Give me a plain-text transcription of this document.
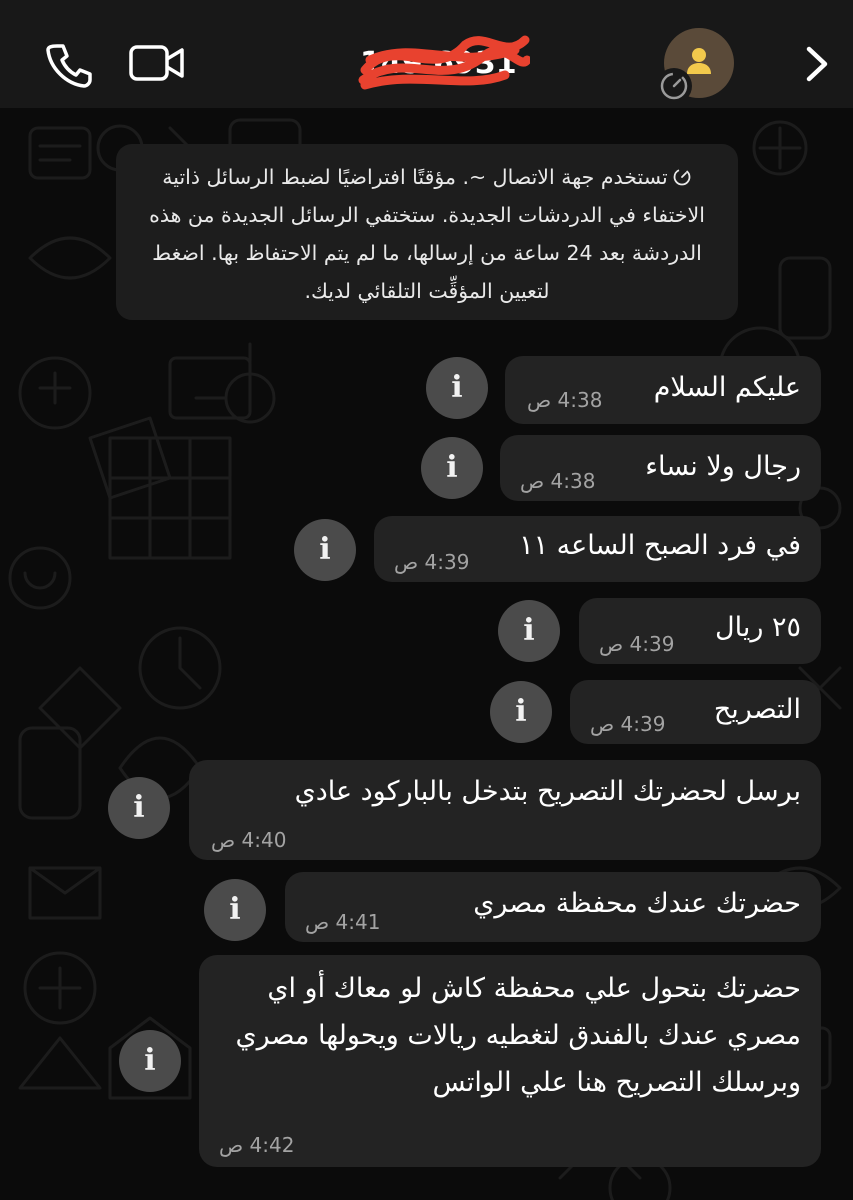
149 6931
تستخدم جهة الاتصال ~. مؤقتًا افتراضيًا لضبط الرسائل ذاتية الاختفاء في الدردشات الجديدة. ستختفي الرسائل الجديدة من هذه الدردشة بعد 24 ساعة من إرسالها، ما لم يتم الاحتفاظ بها. اضغط لتعيين المؤقِّت التلقائي لديك.
عليكم السلام
4:38 ص
i
رجال ولا نساء
4:38 ص
i
في فرد الصبح الساعه ١١
4:39 ص
i
٢٥ ريال
4:39 ص
i
التصريح
4:39 ص
i
برسل لحضرتك التصريح بتدخل بالباركود عادي
4:40 ص
i
حضرتك عندك محفظة مصري
4:41 ص
i
حضرتك بتحول علي محفظة كاش لو معاك أو اي مصري عندك بالفندق لتغطيه ريالات ويحولها مصري وبرسلك التصريح هنا علي الواتس
4:42 ص
i
